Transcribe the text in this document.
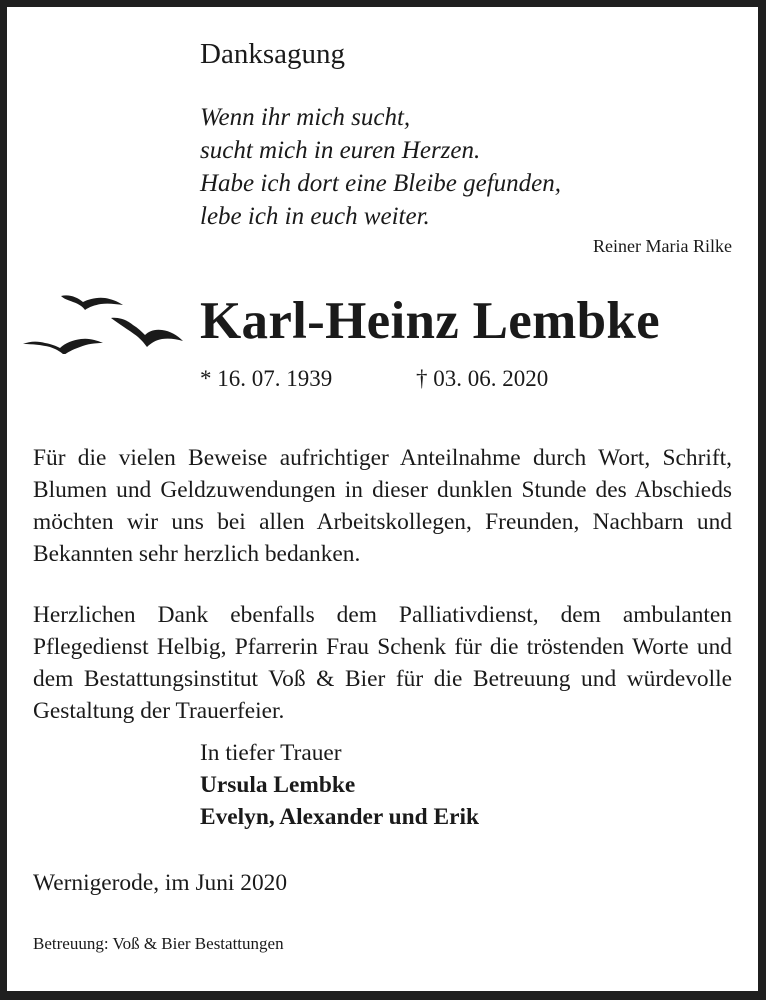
Danksagung
Wenn ihr mich sucht,
sucht mich in euren Herzen.
Habe ich dort eine Bleibe gefunden,
lebe ich in euch weiter.
Reiner Maria Rilke
Karl-Heinz Lembke
* 16. 07. 1939	† 03. 06. 2020

Für die vielen Beweise aufrichtiger Anteilnahme durch Wort, Schrift, Blumen und Geldzuwendungen in dieser dunklen Stunde des Abschieds möchten wir uns bei allen Arbeitskollegen, Freunden, Nachbarn und Bekannten sehr herzlich bedanken.

Herzlichen Dank ebenfalls dem Palliativdienst, dem ambulanten Pflegedienst Helbig, Pfarrerin Frau Schenk für die tröstenden Worte und dem Bestattungsinstitut Voß & Bier für die Betreuung und würdevolle Gestaltung der Trauerfeier.

In tiefer Trauer
Ursula Lembke
Evelyn, Alexander und Erik
Wernigerode, im Juni 2020
Betreuung: Voß & Bier Bestattungen
